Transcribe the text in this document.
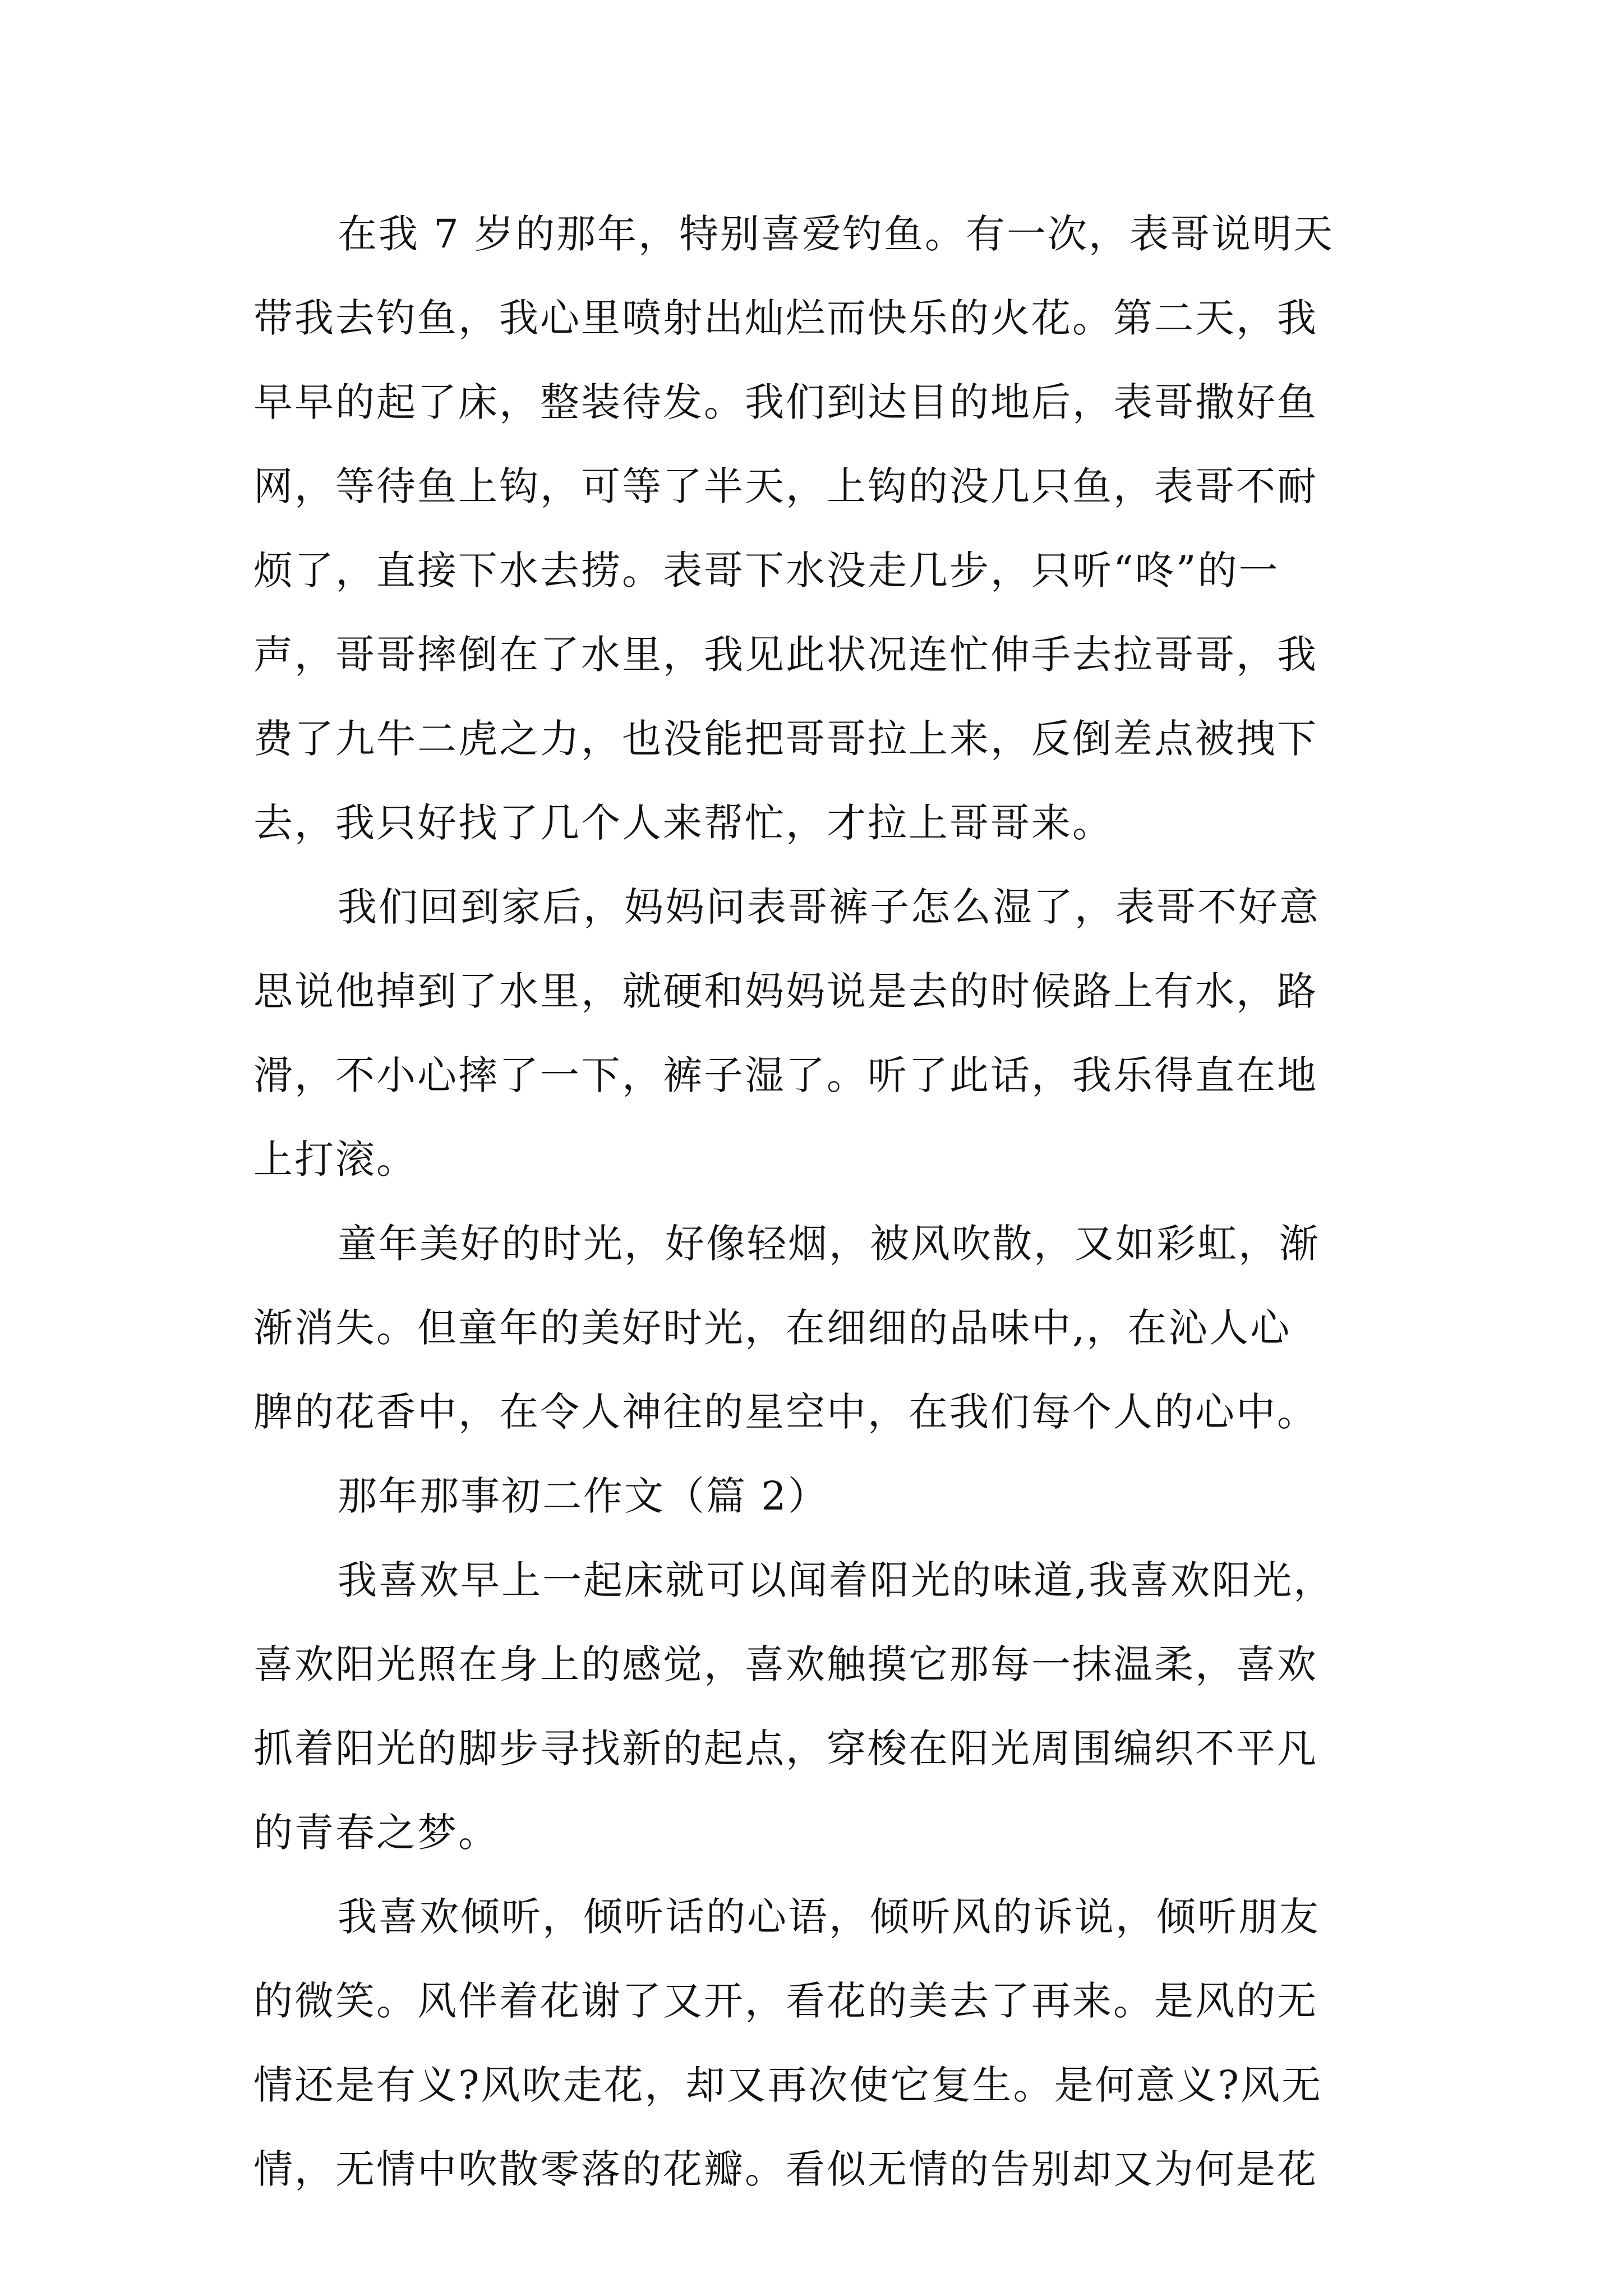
在我 7 岁的那年，特别喜爱钓鱼。有一次，表哥说明天
带我去钓鱼，我心里喷射出灿烂而快乐的火花。第二天，我
早早的起了床，整装待发。我们到达目的地后，表哥撒好鱼
网，等待鱼上钩，可等了半天，上钩的没几只鱼，表哥不耐
烦了，直接下水去捞。表哥下水没走几步，只听“咚”的一
声，哥哥摔倒在了水里，我见此状况连忙伸手去拉哥哥，我
费了九牛二虎之力，也没能把哥哥拉上来，反倒差点被拽下
去，我只好找了几个人来帮忙，才拉上哥哥来。
我们回到家后，妈妈问表哥裤子怎么湿了，表哥不好意
思说他掉到了水里，就硬和妈妈说是去的时候路上有水，路
滑，不小心摔了一下，裤子湿了。听了此话，我乐得直在地
上打滚。
童年美好的时光，好像轻烟，被风吹散，又如彩虹，渐
渐消失。但童年的美好时光，在细细的品味中,，在沁人心
脾的花香中，在令人神往的星空中，在我们每个人的心中。
那年那事初二作文（篇 2）
我喜欢早上一起床就可以闻着阳光的味道,我喜欢阳光，
喜欢阳光照在身上的感觉，喜欢触摸它那每一抹温柔，喜欢
抓着阳光的脚步寻找新的起点，穿梭在阳光周围编织不平凡
的青春之梦。
我喜欢倾听，倾听话的心语，倾听风的诉说，倾听朋友
的微笑。风伴着花谢了又开，看花的美去了再来。是风的无
情还是有义?风吹走花，却又再次使它复生。是何意义?风无
情，无情中吹散零落的花瓣。看似无情的告别却又为何是花
